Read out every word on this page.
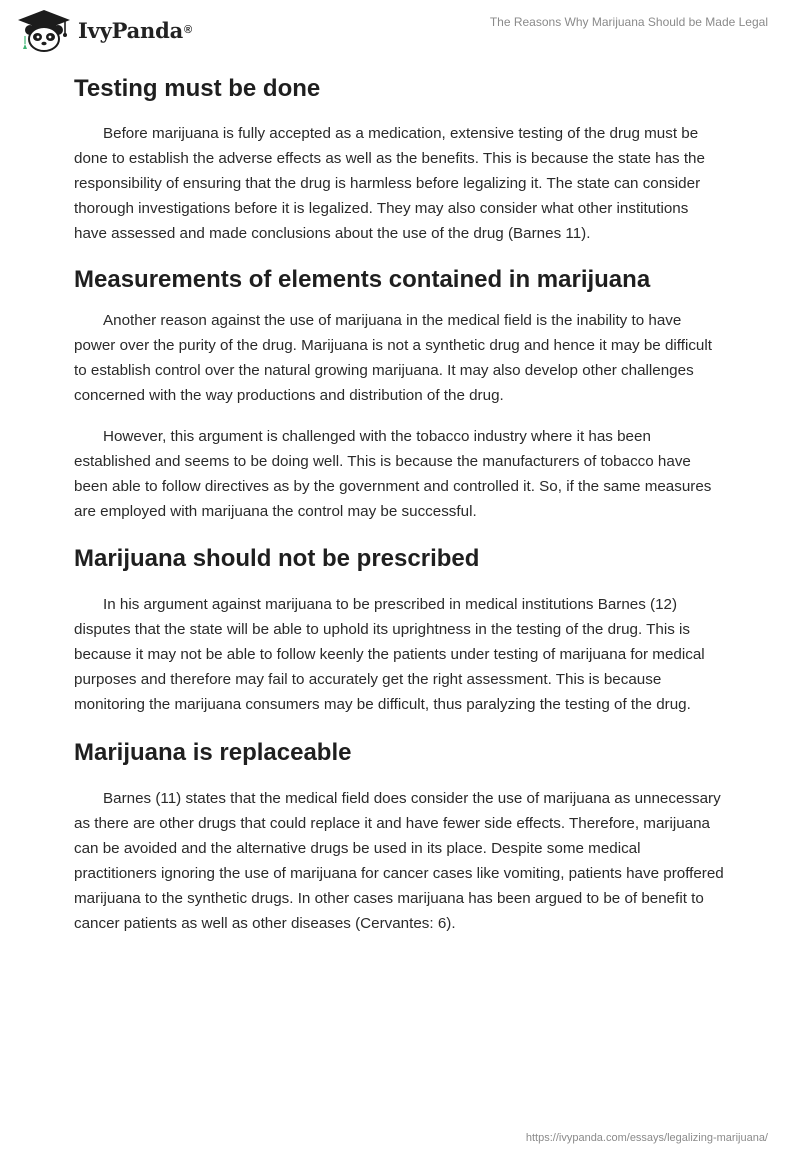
IvyPanda ®
The Reasons Why Marijuana Should be Made Legal
Testing must be done

Before marijuana is fully accepted as a medication, extensive testing of the drug must be done to establish the adverse effects as well as the benefits. This is because the state has the responsibility of ensuring that the drug is harmless before legalizing it. The state can consider thorough investigations before it is legalized. They may also consider what other institutions have assessed and made conclusions about the use of the drug (Barnes 11).

Measurements of elements contained in marijuana

Another reason against the use of marijuana in the medical field is the inability to have power over the purity of the drug. Marijuana is not a synthetic drug and hence it may be difficult to establish control over the natural growing marijuana. It may also develop other challenges concerned with the way productions and distribution of the drug.

However, this argument is challenged with the tobacco industry where it has been established and seems to be doing well. This is because the manufacturers of tobacco have been able to follow directives as by the government and controlled it. So, if the same measures are employed with marijuana the control may be successful.

Marijuana should not be prescribed

In his argument against marijuana to be prescribed in medical institutions Barnes (12) disputes that the state will be able to uphold its uprightness in the testing of the drug. This is because it may not be able to follow keenly the patients under testing of marijuana for medical purposes and therefore may fail to accurately get the right assessment. This is because monitoring the marijuana consumers may be difficult, thus paralyzing the testing of the drug.

Marijuana is replaceable

Barnes (11) states that the medical field does consider the use of marijuana as unnecessary as there are other drugs that could replace it and have fewer side effects. Therefore, marijuana can be avoided and the alternative drugs be used in its place. Despite some medical practitioners ignoring the use of marijuana for cancer cases like vomiting, patients have proffered marijuana to the synthetic drugs. In other cases marijuana has been argued to be of benefit to cancer patients as well as other diseases (Cervantes: 6).

https://ivypanda.com/essays/legalizing-marijuana/
